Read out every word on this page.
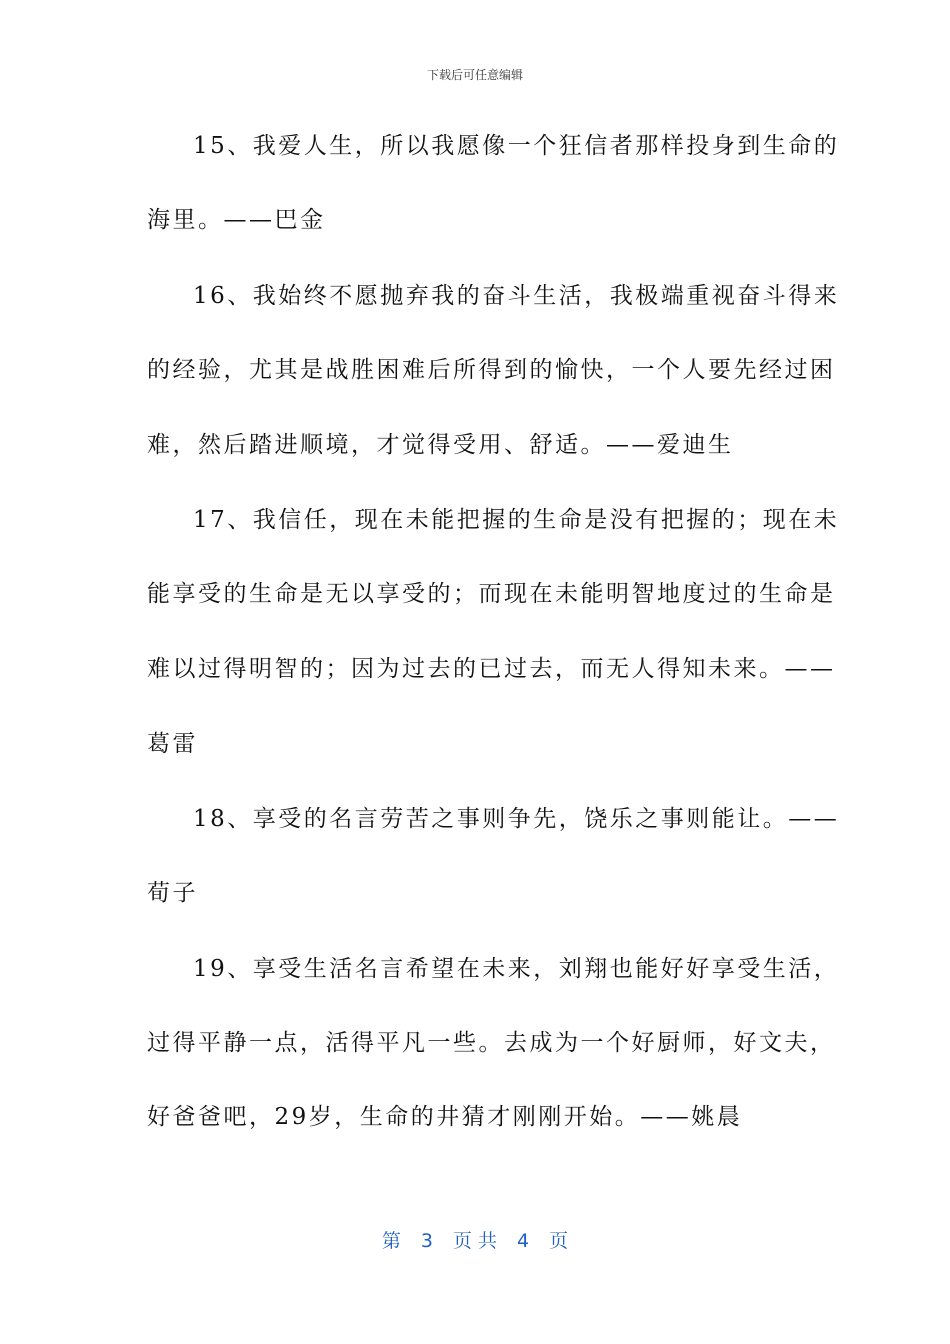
下载后可任意编辑
15、我爱人生，所以我愿像一个狂信者那样投身到生命的
海里。——巴金
16、我始终不愿抛弃我的奋斗生活，我极端重视奋斗得来
的经验，尤其是战胜困难后所得到的愉快，一个人要先经过困
难，然后踏进顺境，才觉得受用、舒适。——爱迪生
17、我信任，现在未能把握的生命是没有把握的；现在未
能享受的生命是无以享受的；而现在未能明智地度过的生命是
难以过得明智的；因为过去的已过去，而无人得知未来。——
葛雷
18、享受的名言劳苦之事则争先，饶乐之事则能让。——
荀子
19、享受生活名言希望在未来，刘翔也能好好享受生活，
过得平静一点，活得平凡一些。去成为一个好厨师，好文夫，
好爸爸吧，29岁，生命的井猜才刚刚开始。——姚晨
第 3 页 共 4 页
